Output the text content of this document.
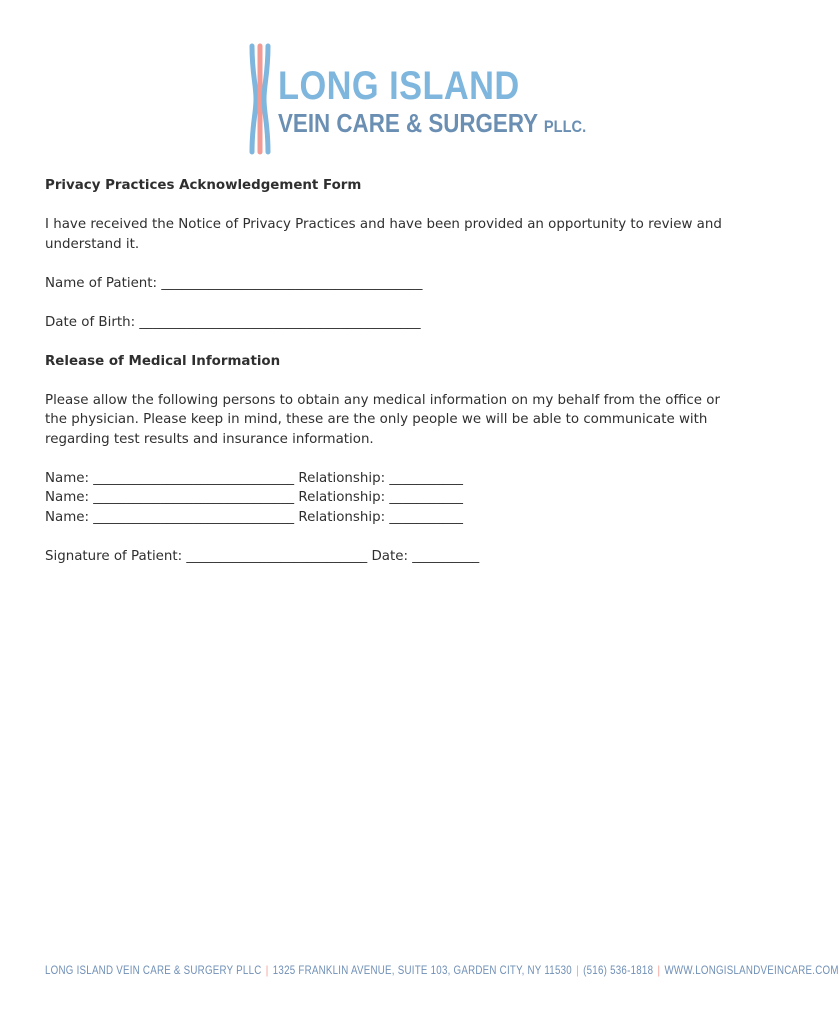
LONG ISLAND
VEIN CARE & SURGERY PLLC.

Privacy Practices Acknowledgement Form

I have received the Notice of Privacy Practices and have been provided an opportunity to review and understand it.

Name of Patient: _______________________________________

Date of Birth: __________________________________________

Release of Medical Information

Please allow the following persons to obtain any medical information on my behalf from the office or the physician. Please keep in mind, these are the only people we will be able to communicate with regarding test results and insurance information.

Name: ______________________________ Relationship: ___________

Name: ______________________________ Relationship: ___________

Name: ______________________________ Relationship: ___________

Signature of Patient: ___________________________ Date: __________

LONG ISLAND VEIN CARE & SURGERY PLLC | 1325 FRANKLIN AVENUE, SUITE 103, GARDEN CITY, NY 11530 | (516) 536-1818 | WWW.LONGISLANDVEINCARE.COM
